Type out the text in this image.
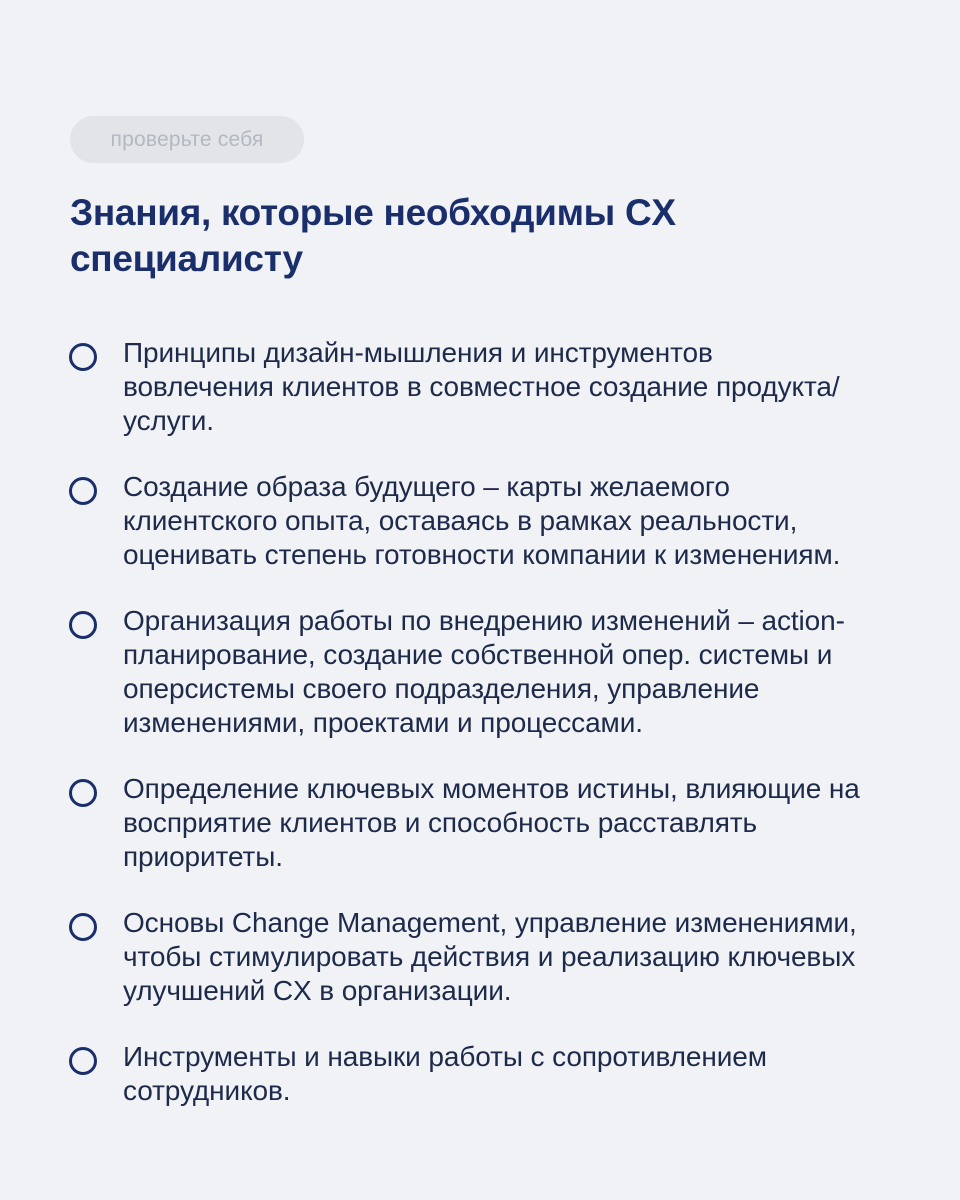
проверьте себя
Знания, которые необходимы CX
специалисту
Принципы дизайн-мышления и инструментов
вовлечения клиентов в совместное создание продукта/
услуги.
Создание образа будущего – карты желаемого
клиентского опыта, оставаясь в рамках реальности,
оценивать степень готовности компании к изменениям.
Организация работы по внедрению изменений – action-
планирование, создание собственной опер. системы и
оперсистемы своего подразделения, управление
изменениями, проектами и процессами.
Определение ключевых моментов истины, влияющие на
восприятие клиентов и способность расставлять
приоритеты.
Основы Change Management, управление изменениями,
чтобы стимулировать действия и реализацию ключевых
улучшений CX в организации.
Инструменты и навыки работы с сопротивлением
сотрудников.
